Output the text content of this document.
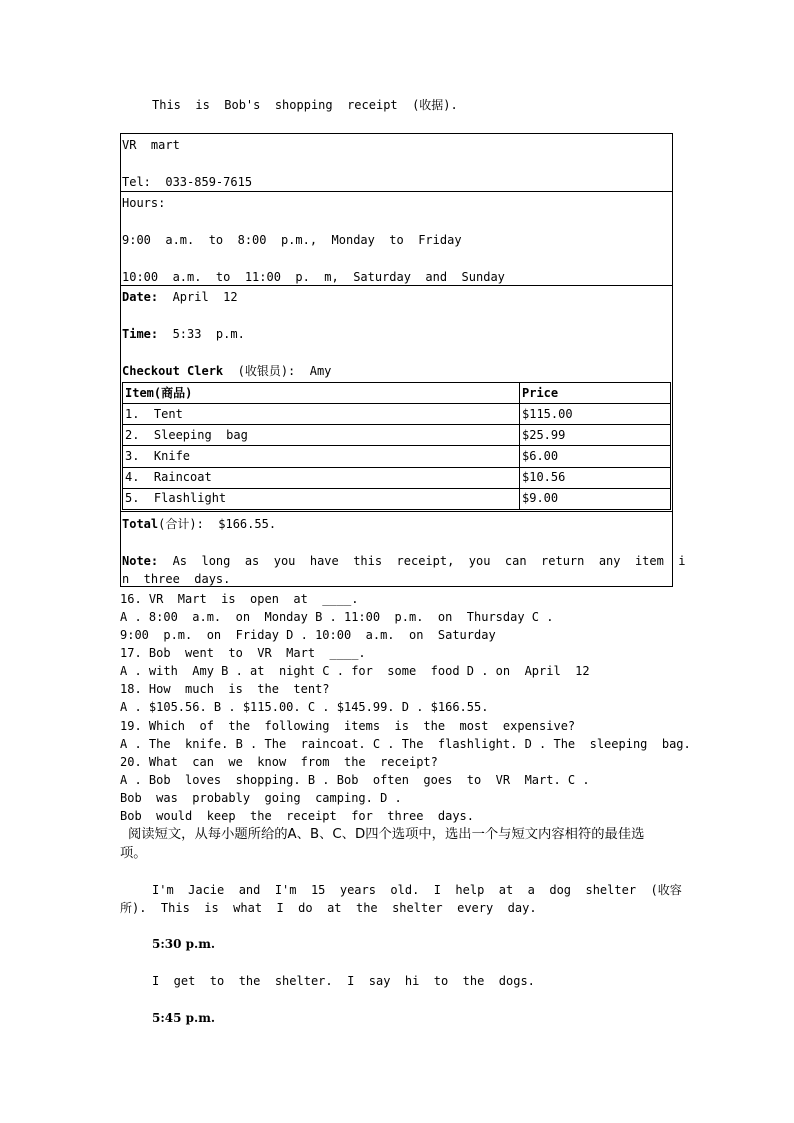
This  is  Bob's  shopping  receipt  (收据).
VR  mart
Tel:  033-859-7615
Hours:
9:00  a.m.  to  8:00  p.m.,  Monday  to  Friday
10:00  a.m.  to  11:00  p.  m,  Saturday  and  Sunday
Date:  April  12
Time:  5:33  p.m.
Checkout Clerk  (收银员):  Amy
Item(商品)	Price
1.  Tent	$115.00
2.  Sleeping  bag	$25.99
3.  Knife	$6.00
4.  Raincoat	$10.56
5.  Flashlight	$9.00
Total(合计):  $166.55.
Note:  As  long  as  you  have  this  receipt,  you  can  return  any  item  i
n  three  days.
16. VR  Mart  is  open  at  ____.
A . 8:00  a.m.  on  Monday B . 11:00  p.m.  on  Thursday C .
9:00  p.m.  on  Friday D . 10:00  a.m.  on  Saturday
17. Bob  went  to  VR  Mart  ____.
A . with  Amy B . at  night C . for  some  food D . on  April  12
18. How  much  is  the  tent?
A . $105.56. B . $115.00. C . $145.99. D . $166.55.
19. Which  of  the  following  items  is  the  most  expensive?
A . The  knife. B . The  raincoat. C . The  flashlight. D . The  sleeping  bag.
20. What  can  we  know  from  the  receipt?
A . Bob  loves  shopping. B . Bob  often  goes  to  VR  Mart. C .
Bob  was  probably  going  camping. D .
Bob  would  keep  the  receipt  for  three  days.
阅读短文，从每小题所给的A、B、C、D四个选项中，选出一个与短文内容相符的最佳选
项。
I'm  Jacie  and  I'm  15  years  old.  I  help  at  a  dog  shelter  (收容
所).  This  is  what  I  do  at  the  shelter  every  day.
5:30 p.m.
I  get  to  the  shelter.  I  say  hi  to  the  dogs.
5:45 p.m.
